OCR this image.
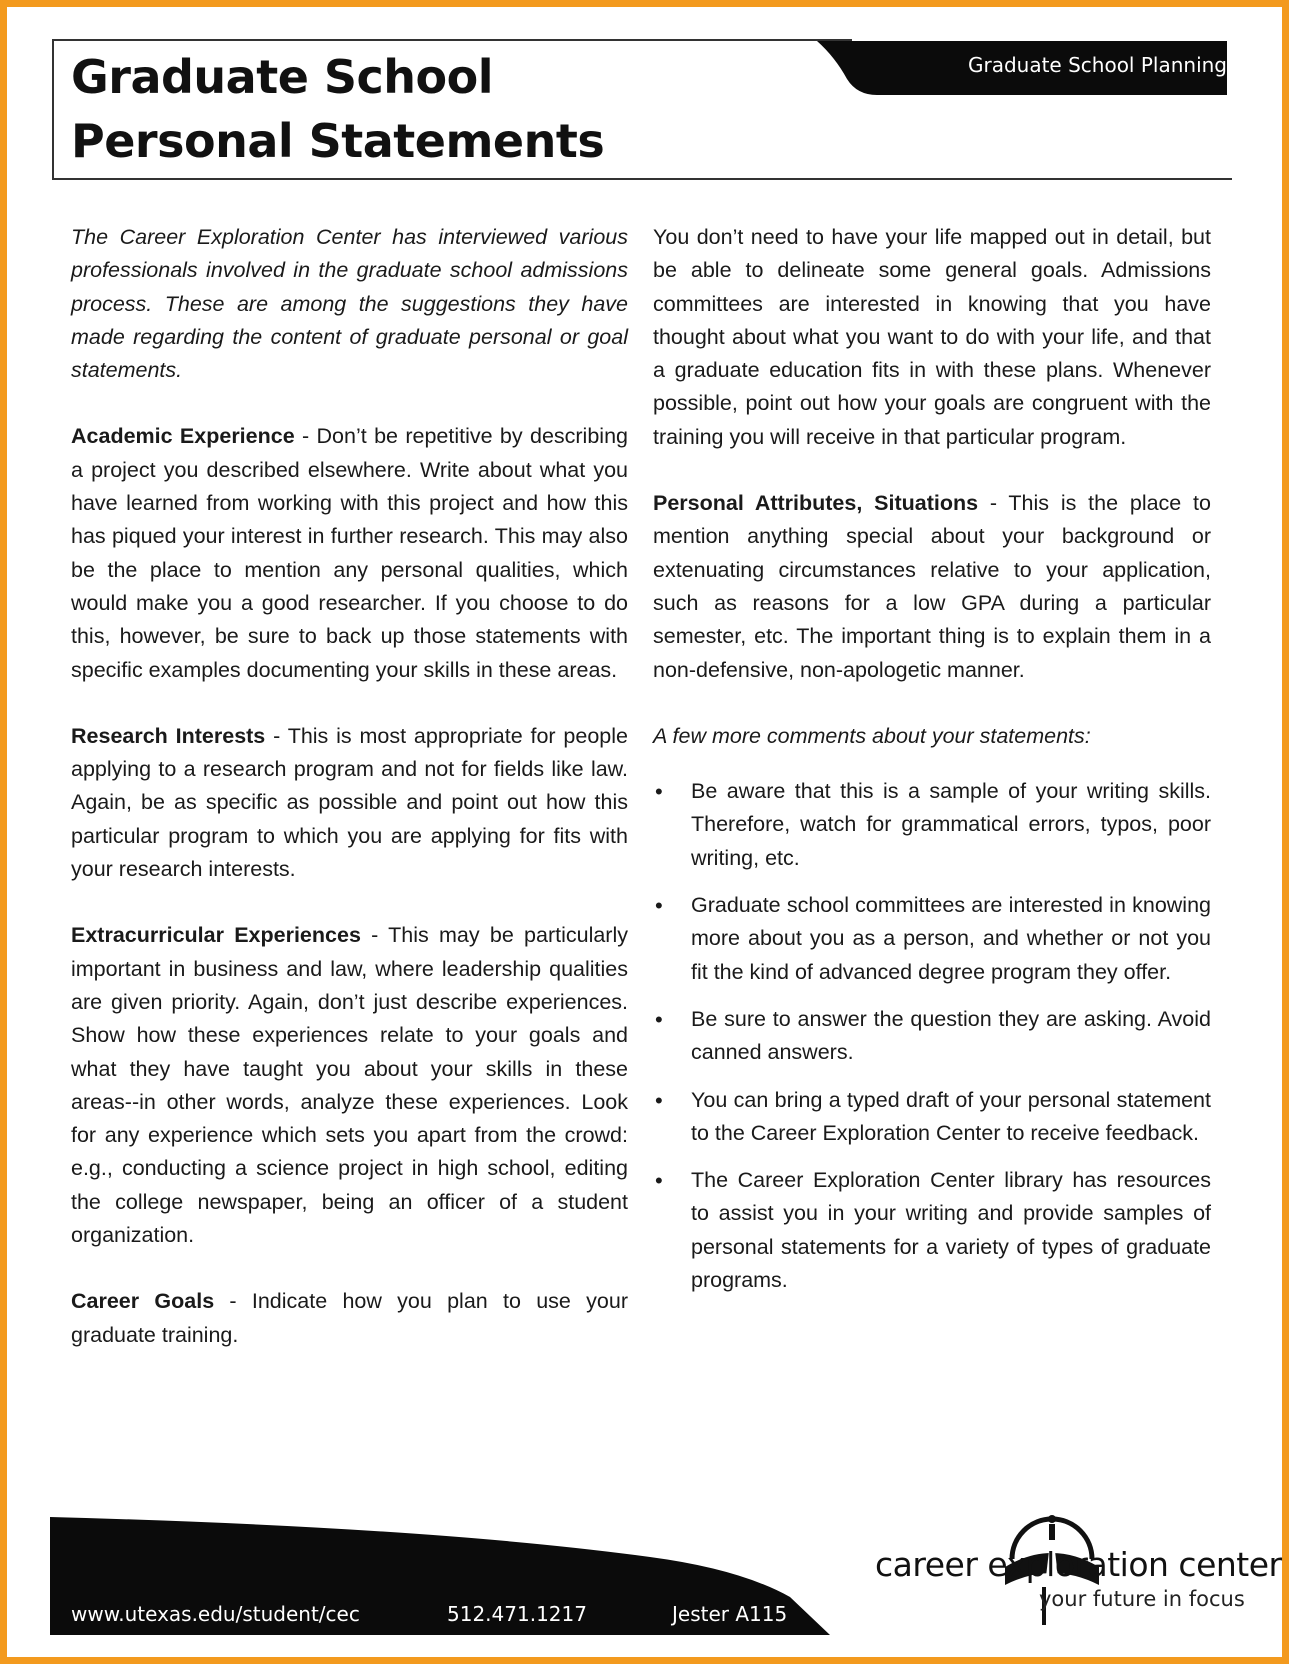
Graduate School
Personal Statements
Graduate School Planning

The Career Exploration Center has interviewed various professionals involved in the graduate school admissions process. These are among the suggestions they have made regarding the content of graduate personal or goal statements.

Academic Experience - Don’t be repetitive by describing a project you described elsewhere. Write about what you have learned from working with this project and how this has piqued your interest in further research. This may also be the place to mention any personal qualities, which would make you a good researcher. If you choose to do this, however, be sure to back up those statements with specific examples documenting your skills in these areas.

Research Interests - This is most appropriate for people applying to a research program and not for fields like law. Again, be as specific as possible and point out how this particular program to which you are applying for fits with your research interests.

Extracurricular Experiences - This may be particularly important in business and law, where leadership qualities are given priority. Again, don’t just describe experiences. Show how these experiences relate to your goals and what they have taught you about your skills in these areas--in other words, analyze these experiences. Look for any experience which sets you apart from the crowd: e.g., conducting a science project in high school, editing the college newspaper, being an officer of a student organization.

Career Goals - Indicate how you plan to use your graduate training.

You don’t need to have your life mapped out in detail, but be able to delineate some general goals. Admissions committees are interested in knowing that you have thought about what you want to do with your life, and that a graduate education fits in with these plans. Whenever possible, point out how your goals are congruent with the training you will receive in that particular program.

Personal Attributes, Situations - This is the place to mention anything special about your background or extenuating circumstances relative to your application, such as reasons for a low GPA during a particular semester, etc. The important thing is to explain them in a non-defensive, non-apologetic manner.

A few more comments about your statements:

• Be aware that this is a sample of your writing skills. Therefore, watch for grammatical errors, typos, poor writing, etc.
• Graduate school committees are interested in knowing more about you as a person, and whether or not you fit the kind of advanced degree program they offer.
• Be sure to answer the question they are asking. Avoid canned answers.
• You can bring a typed draft of your personal statement to the Career Exploration Center to receive feedback.
• The Career Exploration Center library has resources to assist you in your writing and provide samples of personal statements for a variety of types of graduate programs.
www.utexas.edu/student/cec	512.471.1217	Jester A115
career exploration center
your future in focus
